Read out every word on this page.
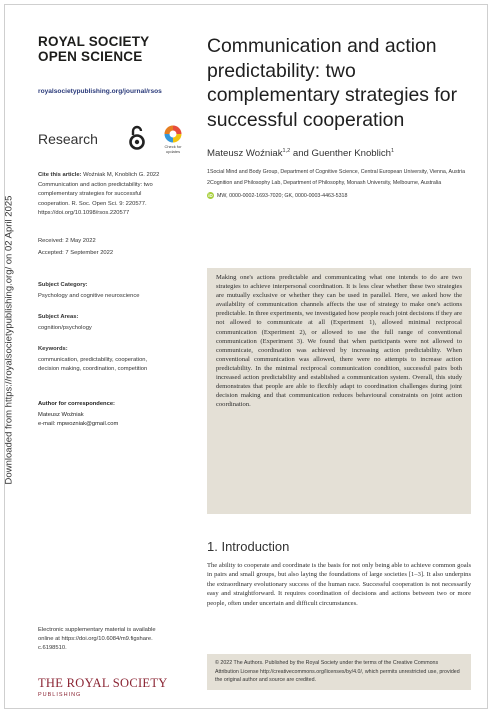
Downloaded from https://royalsocietypublishing.org/ on 02 April 2025
ROYAL SOCIETY
OPEN SCIENCE
royalsocietypublishing.org/journal/rsos
Research	Check for updates
Cite this article: Woźniak M, Knoblich G. 2022
Communication and action predictability: two
complementary strategies for successful
cooperation. R. Soc. Open Sci. 9: 220577.
https://doi.org/10.1098/rsos.220577
Received: 2 May 2022
Accepted: 7 September 2022
Subject Category:
Psychology and cognitive neuroscience
Subject Areas:
cognition/psychology
Keywords:
communication, predictability, cooperation,
decision making, coordination, competition
Author for correspondence:
Mateusz Woźniak
e-mail: mpwozniak@gmail.com
Electronic supplementary material is available
online at https://doi.org/10.6084/m9.figshare.
c.6198510.
THE ROYAL SOCIETY
PUBLISHING
Communication and action predictability: two complementary strategies for successful cooperation
Mateusz Woźniak$^{1,2}$ and Guenther Knoblich$^1$

1Social Mind and Body Group, Department of Cognitive Science, Central European University, Vienna, Austria

2Cognition and Philosophy Lab, Department of Philosophy, Monash University, Melbourne, Australia

iD MW, 0000-0002-1693-7020; GK, 0000-0003-4463-5318

Making one's actions predictable and communicating what one intends to do are two strategies to achieve interpersonal coordination. It is less clear whether these two strategies are mutually exclusive or whether they can be used in parallel. Here, we asked how the availability of communication channels affects the use of strategy to make one's actions predictable. In three experiments, we investigated how people reach joint decisions if they are not allowed to communicate at all (Experiment 1), allowed minimal reciprocal communication (Experiment 2), or allowed to use the full range of conventional communication (Experiment 3). We found that when participants were not allowed to communicate, coordination was achieved by increasing action predictability. When conventional communication was allowed, there were no attempts to increase action predictability. In the minimal reciprocal communication condition, successful pairs both increased action predictability and established a communication system. Overall, this study demonstrates that people are able to flexibly adapt to coordination challenges during joint decision making and that communication reduces behavioural constraints on joint action coordination.

1. Introduction
The ability to cooperate and coordinate is the basis for not only being able to achieve common goals in pairs and small groups, but also laying the foundations of large societies [1–3]. It also underpins the extraordinary evolutionary success of the human race. Successful cooperation is not necessarily easy and straightforward. It requires coordination of decisions and actions between two or more people, often under uncertain and difficult circumstances.
© 2022 The Authors. Published by the Royal Society under the terms of the Creative Commons Attribution License http://creativecommons.org/licenses/by/4.0/, which permits unrestricted use, provided the original author and source are credited.
